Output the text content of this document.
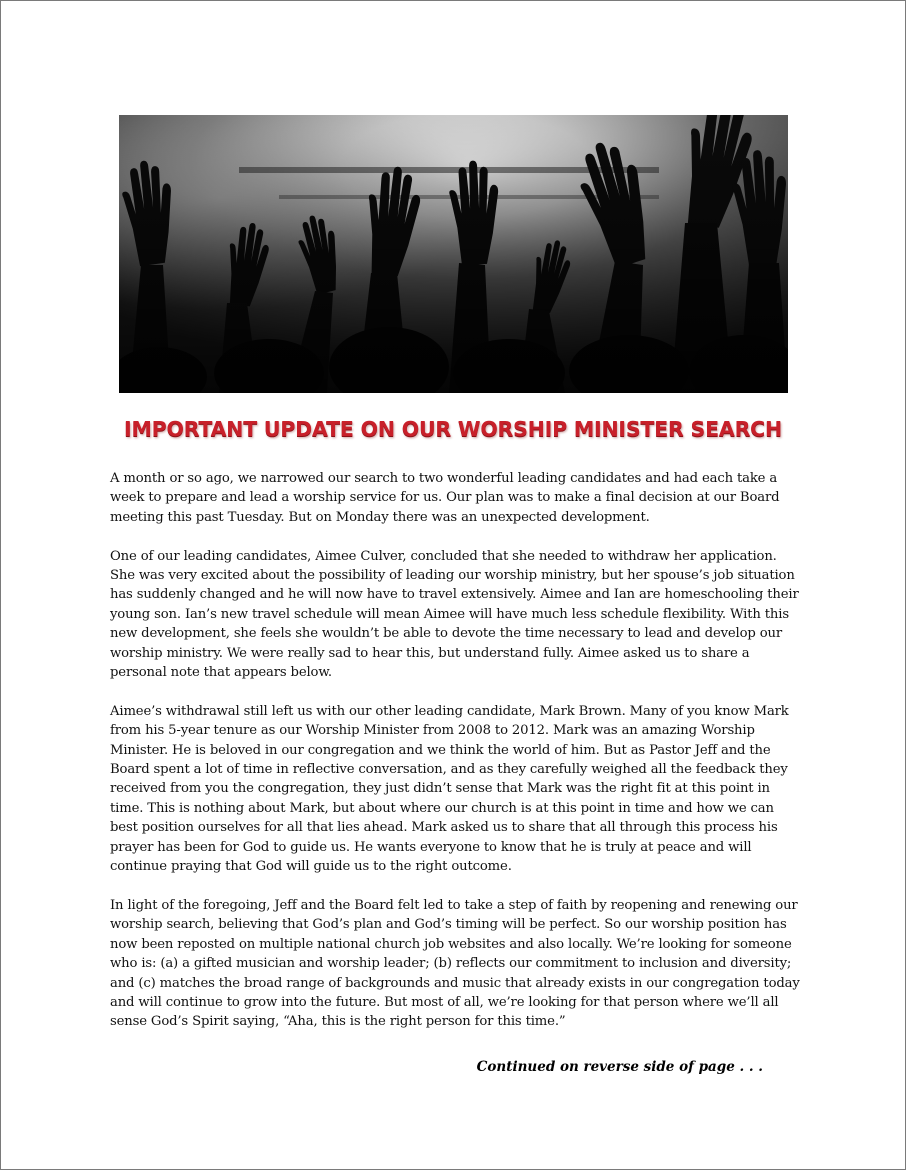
IMPORTANT UPDATE ON OUR WORSHIP MINISTER SEARCH

A month or so ago, we narrowed our search to two wonderful leading candidates and had each take a week to prepare and lead a worship service for us. Our plan was to make a final decision at our Board meeting this past Tuesday. But on Monday there was an unexpected development.

One of our leading candidates, Aimee Culver, concluded that she needed to withdraw her application. She was very excited about the possibility of leading our worship ministry, but her spouse’s job situation has suddenly changed and he will now have to travel extensively. Aimee and Ian are homeschooling their young son. Ian’s new travel schedule will mean Aimee will have much less schedule flexibility. With this new development, she feels she wouldn’t be able to devote the time necessary to lead and develop our worship ministry. We were really sad to hear this, but understand fully. Aimee asked us to share a personal note that appears below.

Aimee’s withdrawal still left us with our other leading candidate, Mark Brown. Many of you know Mark from his 5-year tenure as our Worship Minister from 2008 to 2012. Mark was an amazing Worship Minister. He is beloved in our congregation and we think the world of him. But as Pastor Jeff and the Board spent a lot of time in reflective conversation, and as they carefully weighed all the feedback they received from you the congregation, they just didn’t sense that Mark was the right fit at this point in time. This is nothing about Mark, but about where our church is at this point in time and how we can best position ourselves for all that lies ahead. Mark asked us to share that all through this process his prayer has been for God to guide us. He wants everyone to know that he is truly at peace and will continue praying that God will guide us to the right outcome.

In light of the foregoing, Jeff and the Board felt led to take a step of faith by reopening and renewing our worship search, believing that God’s plan and God’s timing will be perfect. So our worship position has now been reposted on multiple national church job websites and also locally. We’re looking for someone who is: (a) a gifted musician and worship leader; (b) reflects our commitment to inclusion and diversity; and (c) matches the broad range of backgrounds and music that already exists in our congregation today and will continue to grow into the future. But most of all, we’re looking for that person where we’ll all sense God’s Spirit saying, “Aha, this is the right person for this time.”

Continued on reverse side of page . . .
